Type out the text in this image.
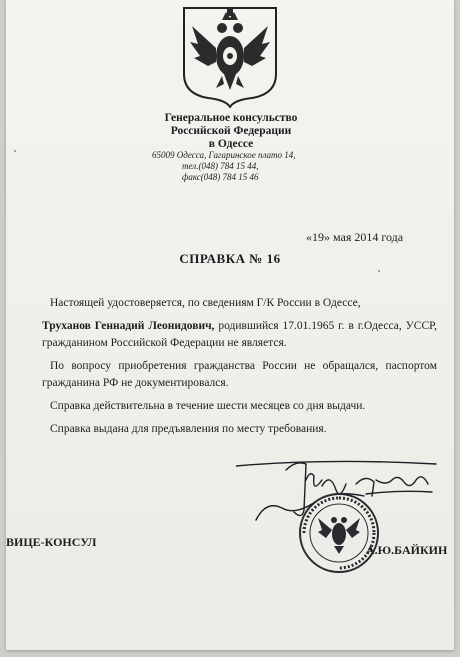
Генеральное консульство
Российской Федерации
в Одессе
65009 Одесса, Гагаринское плато 14,
тел.(048) 784 15 44,
факс(048) 784 15 46
«19» мая 2014 года
СПРАВКА № 16

Настоящей удостоверяется, по сведениям Г/К России в Одессе,

Труханов Геннадий Леонидович, родившийся 17.01.1965 г. в г.Одесса, УССР, гражданином Российской Федерации не является.

По вопросу приобретения гражданства России не обращался, паспортом гражданина РФ не документировался.

Справка действительна в течение шести месяцев со дня выдачи.

Справка выдана для предъявления по месту требования.

ВИЦЕ-КОНСУЛ
А.Ю.БАЙКИН
